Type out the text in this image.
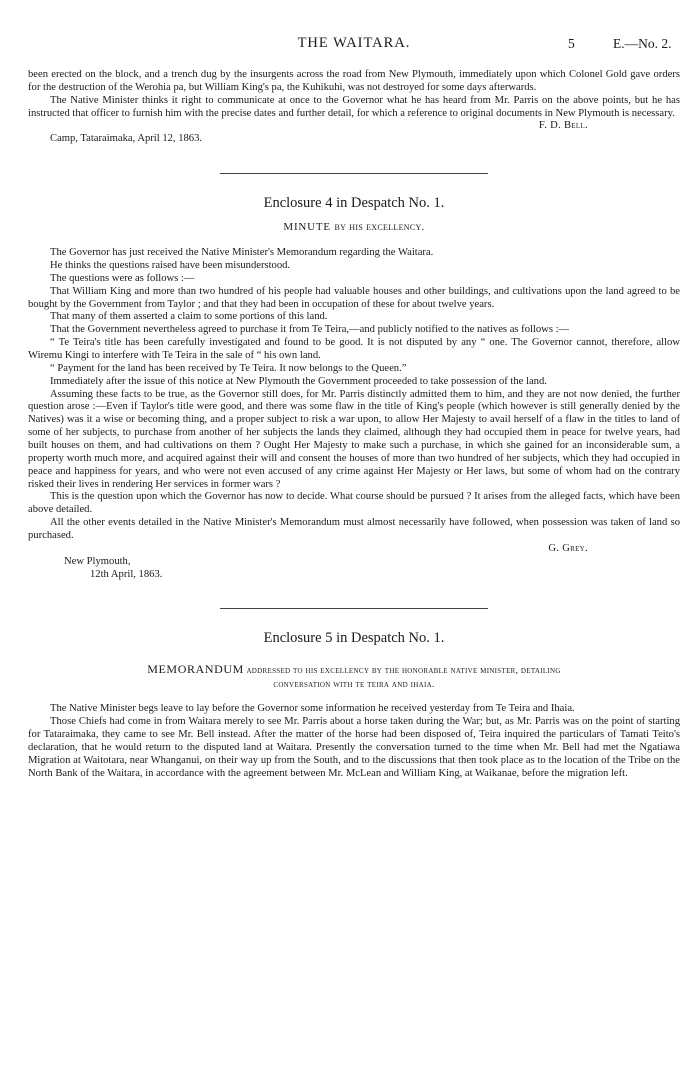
THE WAITARA.	5	E.—No. 2.

been erected on the block, and a trench dug by the insurgents across the road from New Plymouth, immediately upon which Colonel Gold gave orders for the destruction of the Werohia pa, but William King's pa, the Kuhikuhi, was not destroyed for some days afterwards.

The Native Minister thinks it right to communicate at once to the Governor what he has heard from Mr. Parris on the above points, but he has instructed that officer to furnish him with the precise dates and further detail, for which a reference to original documents in New Plymouth is necessary.

F. D. Bell.

Camp, Tataraimaka, April 12, 1863.

Enclosure 4 in Despatch No. 1.
MINUTE by his excellency.

The Governor has just received the Native Minister's Memorandum regarding the Waitara.

He thinks the questions raised have been misunderstood.

The questions were as follows :—

That William King and more than two hundred of his people had valuable houses and other buildings, and cultivations upon the land agreed to be bought by the Government from Taylor ; and that they had been in occupation of these for about twelve years.

That many of them asserted a claim to some portions of this land.

That the Government nevertheless agreed to purchase it from Te Teira,—and publicly notified to the natives as follows :—

“ Te Teira's title has been carefully investigated and found to be good. It is not disputed by any “ one. The Governor cannot, therefore, allow Wiremu Kingi to interfere with Te Teira in the sale of “ his own land.

“ Payment for the land has been received by Te Teira. It now belongs to the Queen.”

Immediately after the issue of this notice at New Plymouth the Government proceeded to take possession of the land.

Assuming these facts to be true, as the Governor still does, for Mr. Parris distinctly admitted them to him, and they are not now denied, the further question arose :—Even if Taylor's title were good, and there was some flaw in the title of King's people (which however is still generally denied by the Natives) was it a wise or becoming thing, and a proper subject to risk a war upon, to allow Her Majesty to avail herself of a flaw in the titles to land of some of her subjects, to purchase from another of her subjects the lands they claimed, although they had occupied them in peace for twelve years, had built houses on them, and had cultivations on them ? Ought Her Majesty to make such a purchase, in which she gained for an inconsiderable sum, a property worth much more, and acquired against their will and consent the houses of more than two hundred of her subjects, which they had occupied in peace and happiness for years, and who were not even accused of any crime against Her Majesty or Her laws, but some of whom had on the contrary risked their lives in rendering Her services in former wars ?

This is the question upon which the Governor has now to decide. What course should be pursued ? It arises from the alleged facts, which have been above detailed.

All the other events detailed in the Native Minister's Memorandum must almost necessarily have followed, when possession was taken of land so purchased.

G. Grey.

New Plymouth,

12th April, 1863.

Enclosure 5 in Despatch No. 1.
MEMORANDUM addressed to his excellency by the honorable native minister, detailing
conversation with te teira and ihaia.

The Native Minister begs leave to lay before the Governor some information he received yesterday from Te Teira and Ihaia.

Those Chiefs had come in from Waitara merely to see Mr. Parris about a horse taken during the War; but, as Mr. Parris was on the point of starting for Tataraimaka, they came to see Mr. Bell instead. After the matter of the horse had been disposed of, Teira inquired the particulars of Tamati Teito's declaration, that he would return to the disputed land at Waitara. Presently the conversation turned to the time when Mr. Bell had met the Ngatiawa Migration at Waitotara, near Whanganui, on their way up from the South, and to the discussions that then took place as to the location of the Tribe on the North Bank of the Waitara, in accordance with the agreement between Mr. McLean and William King, at Waikanae, before the migration left.
